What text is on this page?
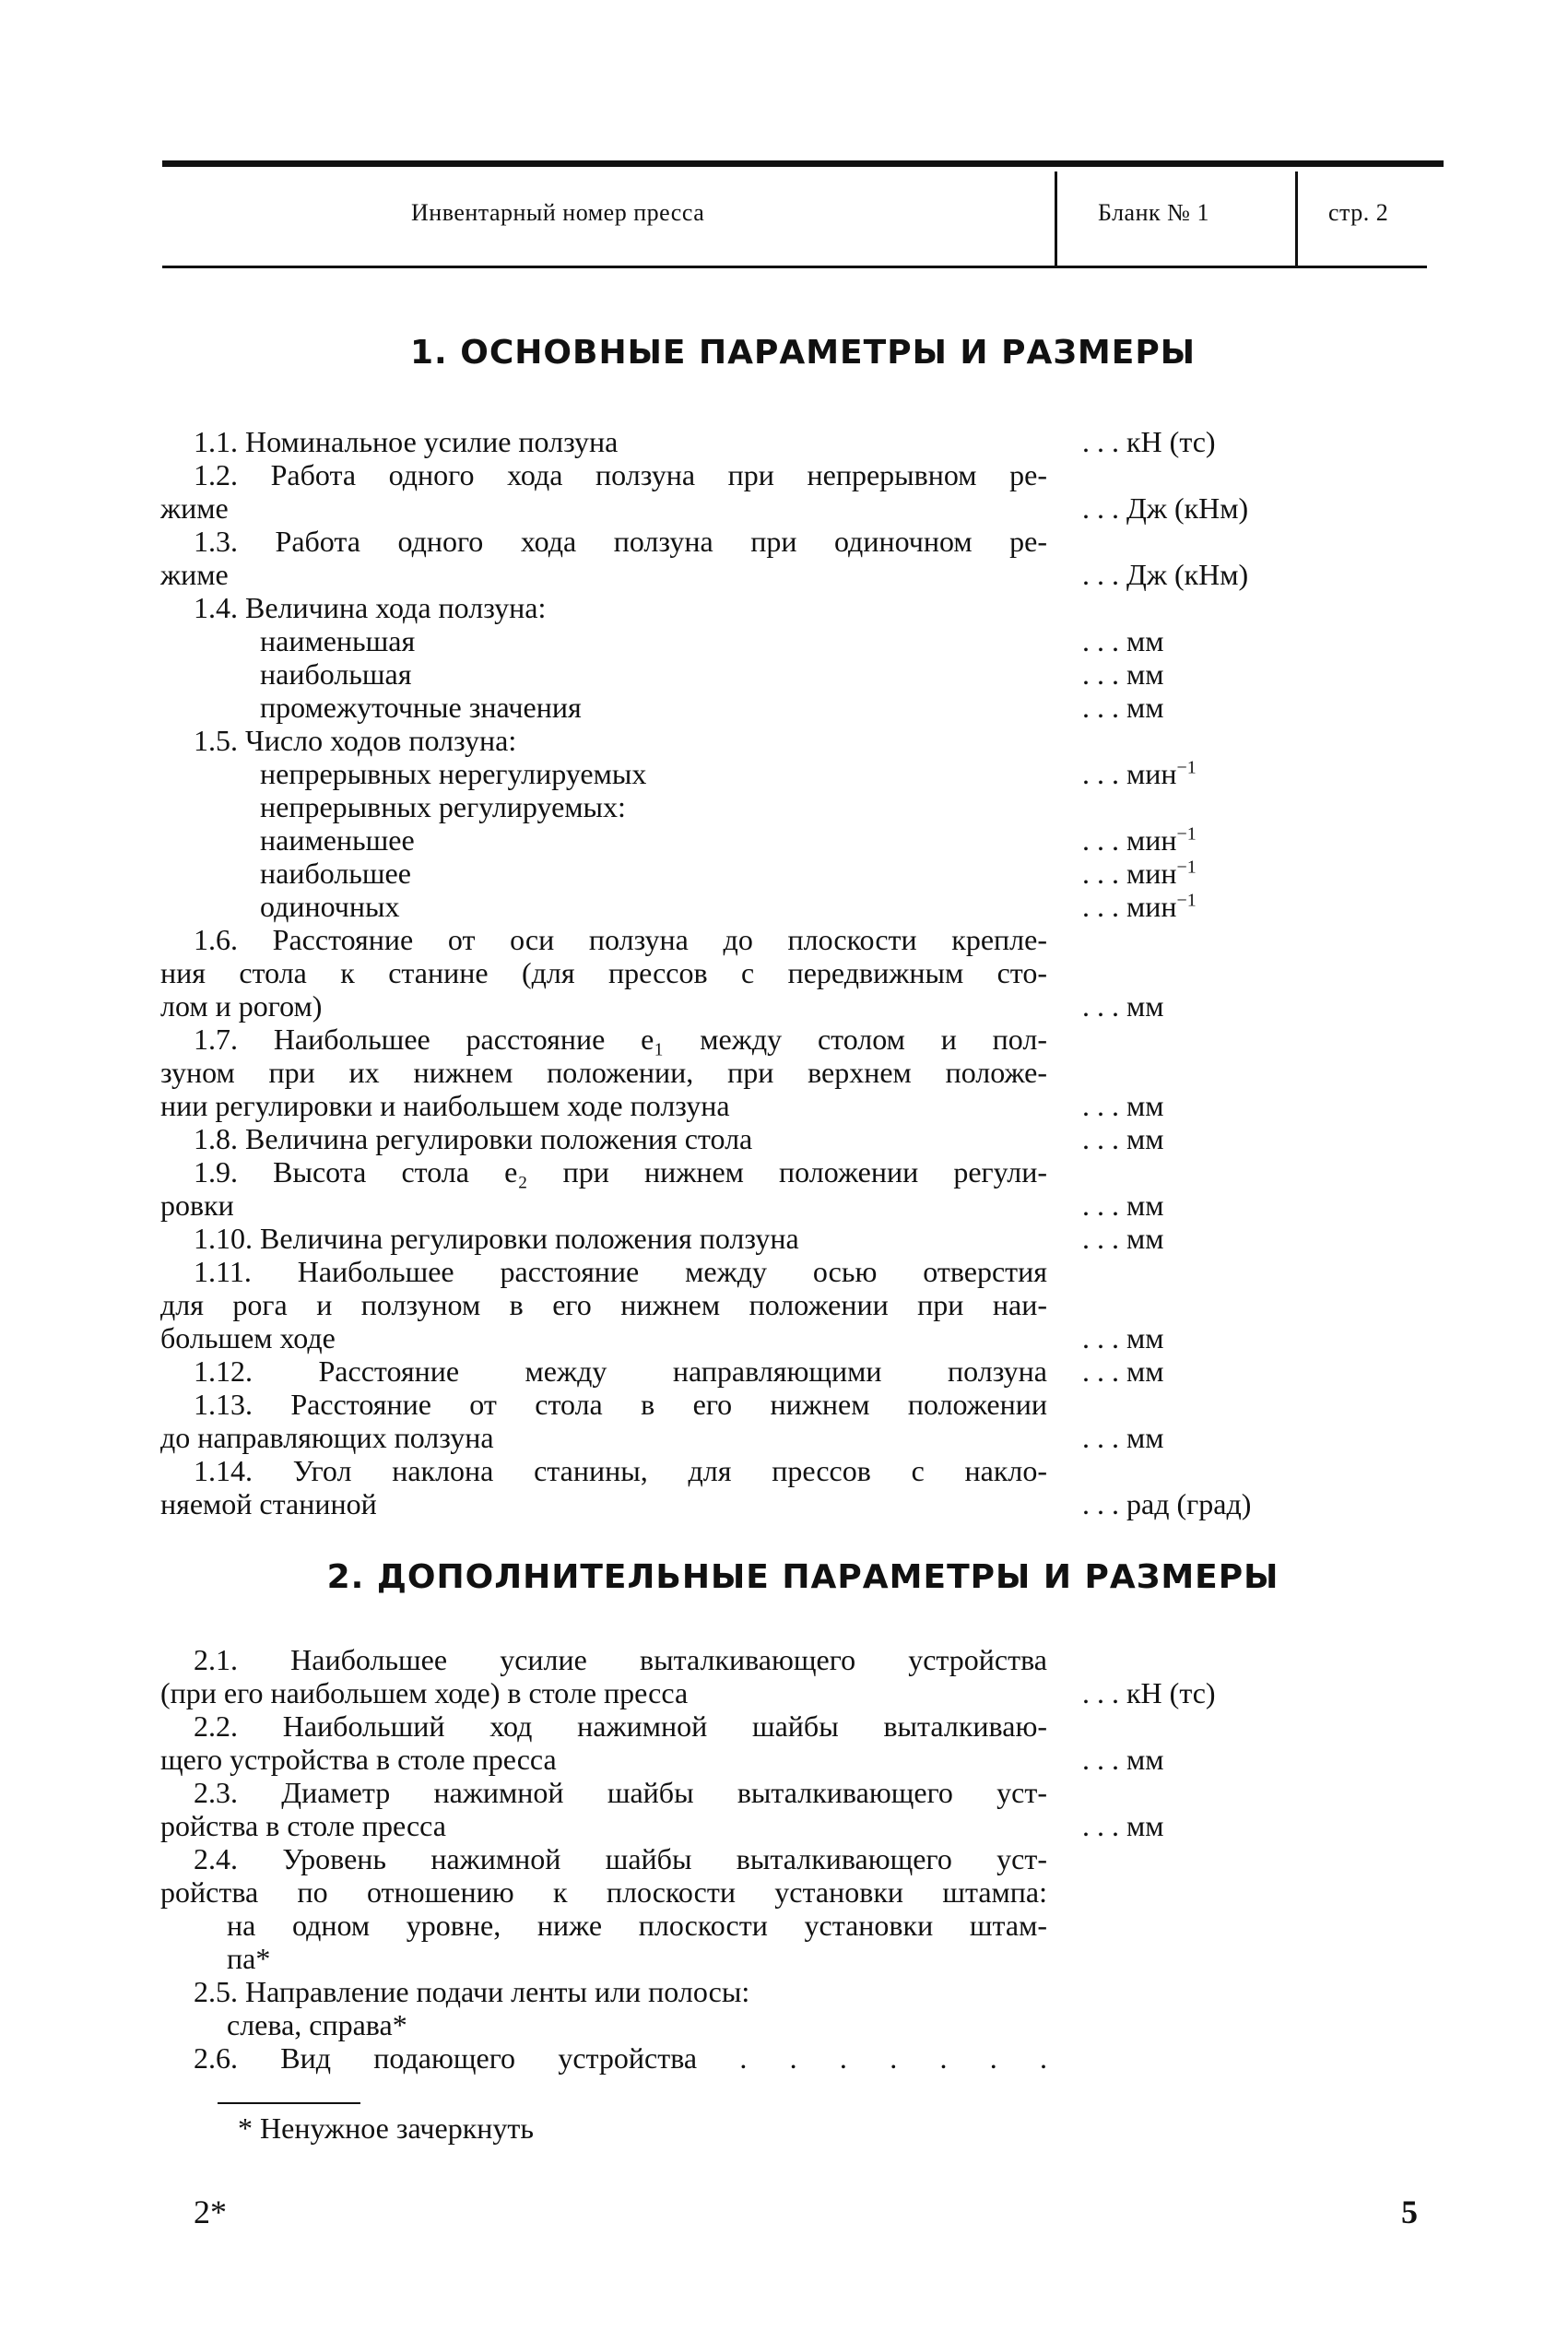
Инвентарный номер пресса	Бланк № 1	стр. 2
1. ОСНОВНЫЕ ПАРАМЕТРЫ И РАЗМЕРЫ
1.1. Номинальное усилие ползуна	. . . кН (тс)
1.2. Работа одного хода ползуна при непрерывном ре-
жиме	. . . Дж (кНм)
1.3. Работа одного хода ползуна при одиночном ре-
жиме	. . . Дж (кНм)
1.4. Величина хода ползуна:
наименьшая	. . . мм
наибольшая	. . . мм
промежуточные значения	. . . мм
1.5. Число ходов ползуна:
непрерывных нерегулируемых	. . . мин$^{-1}$
непрерывных регулируемых:
наименьшее	. . . мин$^{-1}$
наибольшее	. . . мин$^{-1}$
одиночных	. . . мин$^{-1}$
1.6. Расстояние от оси ползуна до плоскости крепле-
ния стола к станине (для прессов с передвижным сто-
лом и рогом)	. . . мм
1.7. Наибольшее расстояние e₁ между столом и пол-
зуном при их нижнем положении, при верхнем положе-
нии регулировки и наибольшем ходе ползуна	. . . мм
1.8. Величина регулировки положения стола	. . . мм
1.9. Высота стола e₂ при нижнем положении регули-
ровки	. . . мм
1.10. Величина регулировки положения ползуна	. . . мм
1.11. Наибольшее расстояние между осью отверстия
для рога и ползуном в его нижнем положении при наи-
большем ходе	. . . мм
1.12. Расстояние между направляющими ползуна . . . мм
1.13. Расстояние от стола в его нижнем положении
до направляющих ползуна	. . . мм
1.14. Угол наклона станины, для прессов с накло-
няемой станиной	. . . рад (град)
2. ДОПОЛНИТЕЛЬНЫЕ ПАРАМЕТРЫ И РАЗМЕРЫ
2.1. Наибольшее усилие выталкивающего устройства
(при его наибольшем ходе) в столе пресса	. . . кН (тс)
2.2. Наибольший ход нажимной шайбы выталкиваю-
щего устройства в столе пресса	. . . мм
2.3. Диаметр нажимной шайбы выталкивающего уст-
ройства в столе пресса	. . . мм
2.4. Уровень нажимной шайбы выталкивающего уст-
ройства по отношению к плоскости установки штампа:
на одном уровне, ниже плоскости установки штам-
па*
2.5. Направление подачи ленты или полосы:
слева, справа*
2.6. Вид подающего устройства . . . . . . .
* Ненужное зачеркнуть
2*	5
